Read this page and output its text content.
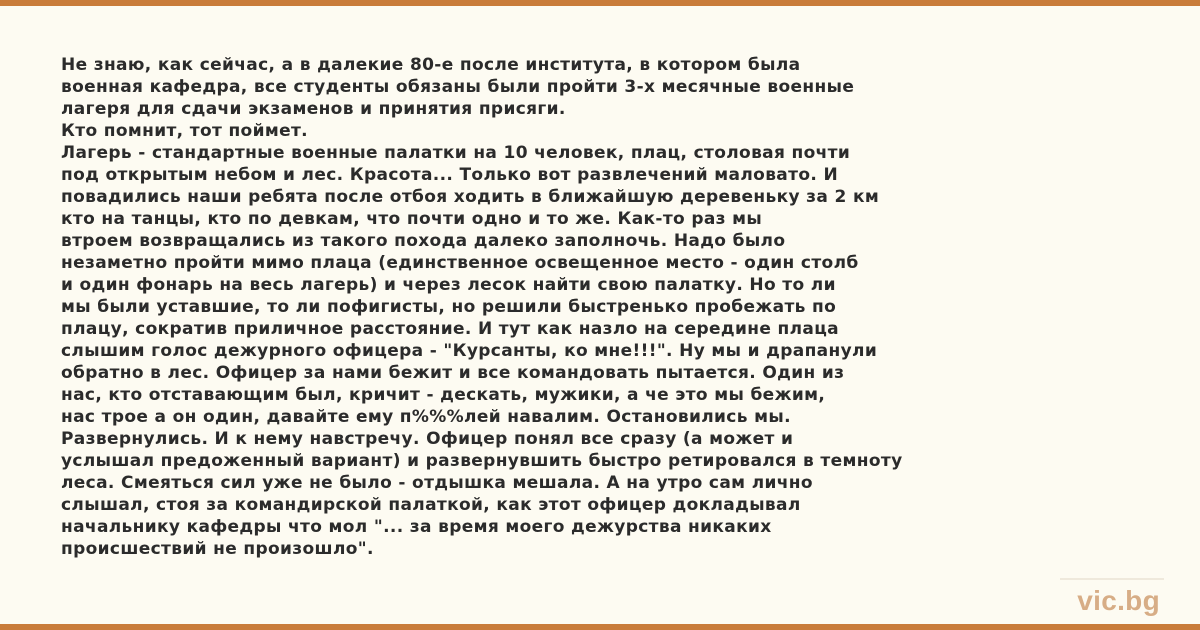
Не знаю, как сейчас, а в далекие 80-е после института, в котором была
военная кафедра, все студенты обязаны были пройти 3-х месячные военные
лагеря для сдачи экзаменов и принятия присяги.
Кто помнит, тот поймет.
Лагерь - стандартные военные палатки на 10 человек, плац, столовая почти
под открытым небом и лес. Красота... Только вот развлечений маловато. И
повадились наши ребята после отбоя ходить в ближайшую деревеньку за 2 км
кто на танцы, кто по девкам, что почти одно и то же. Как-то раз мы
втроем возвращались из такого похода далеко заполночь. Надо было
незаметно пройти мимо плаца (единственное освещенное место - один столб
и один фонарь на весь лагерь) и через лесок найти свою палатку. Но то ли
мы были уставшие, то ли пофигисты, но решили быстренько пробежать по
плацу, сократив приличное расстояние. И тут как назло на середине плаца
слышим голос дежурного офицера - "Курсанты, ко мне!!!". Ну мы и драпанули
обратно в лес. Офицер за нами бежит и все командовать пытается. Один из
нас, кто отставающим был, кричит - дескать, мужики, а че это мы бежим,
нас трое а он один, давайте ему п%%%лей навалим. Остановились мы.
Развернулись. И к нему навстречу. Офицер понял все сразу (а может и
услышал предоженный вариант) и развернувшить быстро ретировался в темноту
леса. Смеяться сил уже не было - отдышка мешала. А на утро сам лично
слышал, стоя за командирской палаткой, как этот офицер докладывал
начальнику кафедры что мол "... за время моего дежурства никаких
происшествий не произошло".
vic.bg
